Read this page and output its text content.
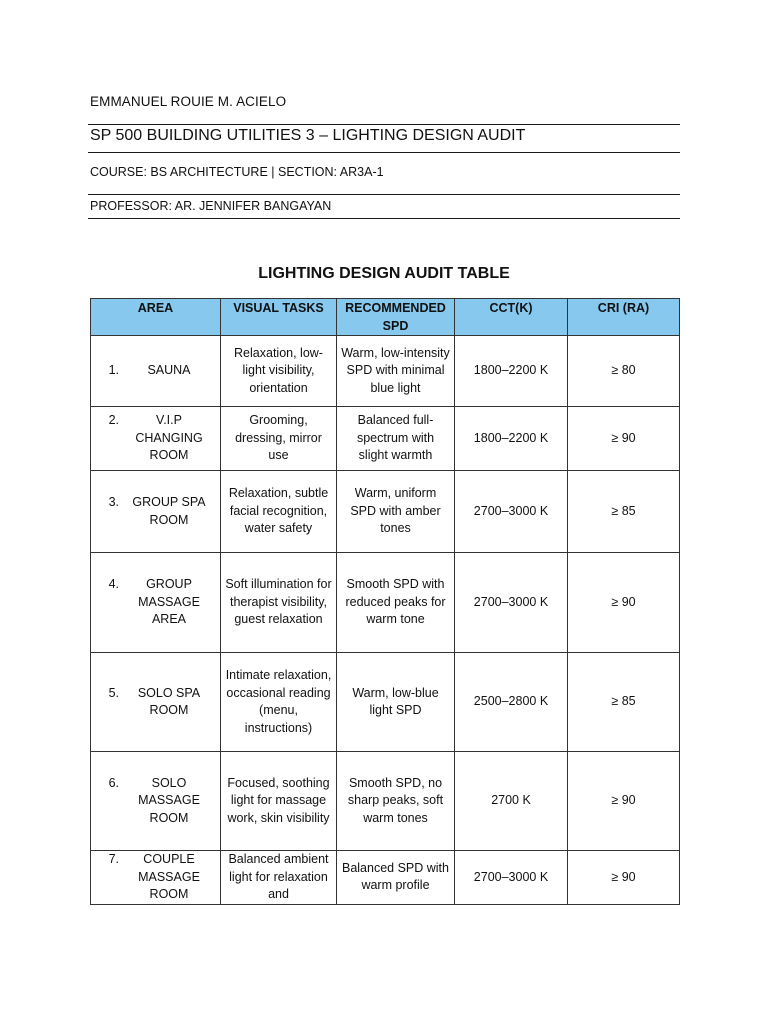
EMMANUEL ROUIE M. ACIELO
SP 500 BUILDING UTILITIES 3 – LIGHTING DESIGN AUDIT
COURSE: BS ARCHITECTURE | SECTION: AR3A-1
PROFESSOR: AR. JENNIFER BANGAYAN
LIGHTING DESIGN AUDIT TABLE
AREA	VISUAL TASKS	RECOMMENDED SPD	CCT(K)	CRI (RA)

1. SAUNA	Relaxation, low-light visibility, orientation	Warm, low-intensity SPD with minimal blue light	1800–2200 K	≥ 80

2. V.I.P CHANGING ROOM	Grooming, dressing, mirror use	Balanced full-spectrum with slight warmth	1800–2200 K	≥ 90

3. GROUP SPA ROOM	Relaxation, subtle facial recognition, water safety	Warm, uniform SPD with amber tones	2700–3000 K	≥ 85

4. GROUP MASSAGE AREA	Soft illumination for therapist visibility, guest relaxation	Smooth SPD with reduced peaks for warm tone	2700–3000 K	≥ 90

5. SOLO SPA ROOM	Intimate relaxation, occasional reading (menu, instructions)	Warm, low-blue light SPD	2500–2800 K	≥ 85

6. SOLO MASSAGE ROOM	Focused, soothing light for massage work, skin visibility	Smooth SPD, no sharp peaks, soft warm tones	2700 K	≥ 90

7. COUPLE MASSAGE ROOM	Balanced ambient light for relaxation and	Balanced SPD with warm profile	2700–3000 K	≥ 90
